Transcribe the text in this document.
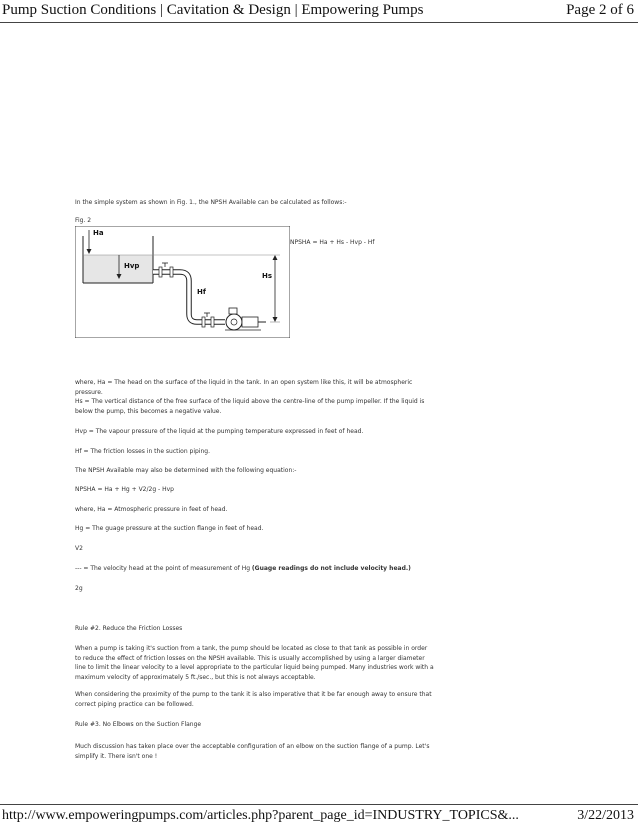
Pump Suction Conditions | Cavitation & Design | Empowering Pumps	Page 2 of 6
In the simple system as shown in Fig. 1., the NPSH Available can be calculated as follows:-
Fig. 2
Ha
Hvp
Hf
Hs
NPSHA = Ha + Hs - Hvp - Hf
where, Ha = The head on the surface of the liquid in the tank. In an open system like this, it will be atmospheric pressure.
Hs = The vertical distance of the free surface of the liquid above the centre-line of the pump impeller. If the liquid is below the pump, this becomes a negative value.
Hvp = The vapour pressure of the liquid at the pumping temperature expressed in feet of head.
Hf = The friction losses in the suction piping.
The NPSH Available may also be determined with the following equation:-
NPSHA = Ha + Hg + V2/2g - Hvp
where, Ha = Atmospheric pressure in feet of head.
Hg = The guage pressure at the suction flange in feet of head.
V2
--- = The velocity head at the point of measurement of Hg (Guage readings do not include velocity head.)
2g
Rule #2. Reduce the Friction Losses
When a pump is taking it's suction from a tank, the pump should be located as close to that tank as possible in order to reduce the effect of friction losses on the NPSH available. This is usually accomplished by using a larger diameter line to limit the linear velocity to a level appropriate to the particular liquid being pumped. Many industries work with a maximum velocity of approximately 5 ft./sec., but this is not always acceptable.
When considering the proximity of the pump to the tank it is also imperative that it be far enough away to ensure that correct piping practice can be followed.
Rule #3. No Elbows on the Suction Flange
Much discussion has taken place over the acceptable configuration of an elbow on the suction flange of a pump. Let's simplify it. There isn't one !
http://www.empoweringpumps.com/articles.php?parent_page_id=INDUSTRY_TOPICS&...	3/22/2013
